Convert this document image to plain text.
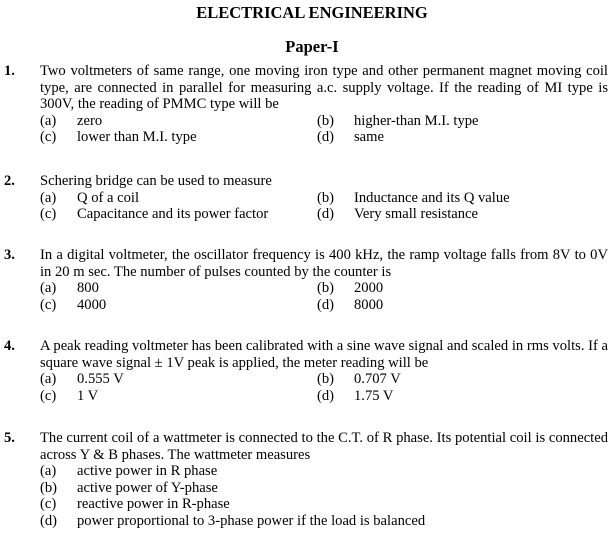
ELECTRICAL ENGINEERING
Paper-I
1. Two voltmeters of same range, one moving iron type and other permanent magnet moving coil type, are connected in parallel for measuring a.c. supply voltage. If the reading of MI type is 300V, the reading of PMMC type will be
(a) zero	(b) higher-than M.I. type
(c) lower than M.I. type	(d) same
2. Schering bridge can be used to measure
(a) Q of a coil	(b) Inductance and its Q value
(c) Capacitance and its power factor	(d) Very small resistance
3. In a digital voltmeter, the oscillator frequency is 400 kHz, the ramp voltage falls from 8V to 0V in 20 m sec. The number of pulses counted by the counter is
(a) 800	(b) 2000
(c) 4000	(d) 8000
4. A peak reading voltmeter has been calibrated with a sine wave signal and scaled in rms volts. If a square wave signal ± 1V peak is applied, the meter reading will be
(a) 0.555 V	(b) 0.707 V
(c) 1 V	(d) 1.75 V
5. The current coil of a wattmeter is connected to the C.T. of R phase. Its potential coil is connected across Y & B phases. The wattmeter measures
(a) active power in R phase
(b) active power of Y-phase
(c) reactive power in R-phase
(d) power proportional to 3-phase power if the load is balanced
